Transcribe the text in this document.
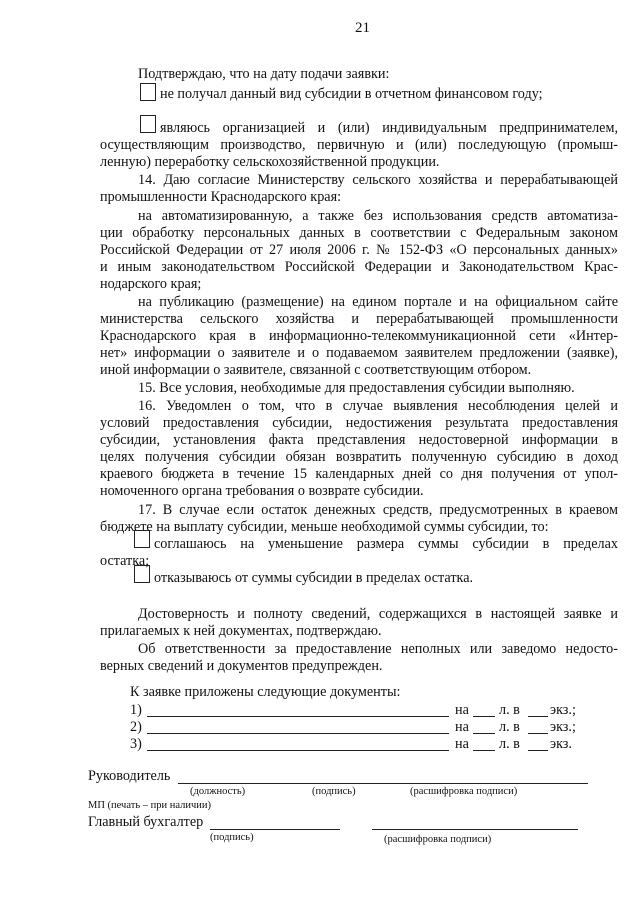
21
Подтверждаю, что на дату подачи заявки:
не получал данный вид субсидии в отчетном финансовом году;
являюсь организацией и (или) индивидуальным предпринимателем,
осуществляющим производство, первичную и (или) последующую (промыш-
ленную) переработку сельскохозяйственной продукции.
14. Даю согласие Министерству сельского хозяйства и перерабатывающей
промышленности Краснодарского края:
на автоматизированную, а также без использования средств автоматиза-
ции обработку персональных данных в соответствии с Федеральным законом
Российской Федерации от 27 июля 2006 г. № 152-ФЗ «О персональных данных»
и иным законодательством Российской Федерации и Законодательством Крас-
нодарского края;
на публикацию (размещение) на едином портале и на официальном сайте
министерства сельского хозяйства и перерабатывающей промышленности
Краснодарского края в информационно-телекоммуникационной сети «Интер-
нет» информации о заявителе и о подаваемом заявителем предложении (заявке),
иной информации о заявителе, связанной с соответствующим отбором.
15. Все условия, необходимые для предоставления субсидии выполняю.
16. Уведомлен о том, что в случае выявления несоблюдения целей и
условий предоставления субсидии, недостижения результата предоставления
субсидии, установления факта представления недостоверной информации в
целях получения субсидии обязан возвратить полученную субсидию в доход
краевого бюджета в течение 15 календарных дней со дня получения от упол-
номоченного органа требования о возврате субсидии.
17. В случае если остаток денежных средств, предусмотренных в краевом
бюджете на выплату субсидии, меньше необходимой суммы субсидии, то:
соглашаюсь на уменьшение размера суммы субсидии в пределах
остатка;
отказываюсь от суммы субсидии в пределах остатка.
Достоверность и полноту сведений, содержащихся в настоящей заявке и
прилагаемых к ней документах, подтверждаю.
Об ответственности за предоставление неполных или заведомо недосто-
верных сведений и документов предупрежден.
К заявке приложены следующие документы:
1)	на л. в экз.;
2)	на л. в экз.;
3)	на л. в экз.
Руководитель
(должность)	(подпись)	(расшифровка подписи)
МП (печать – при наличии)
Главный бухгалтер
(подпись)	(расшифровка подписи)
